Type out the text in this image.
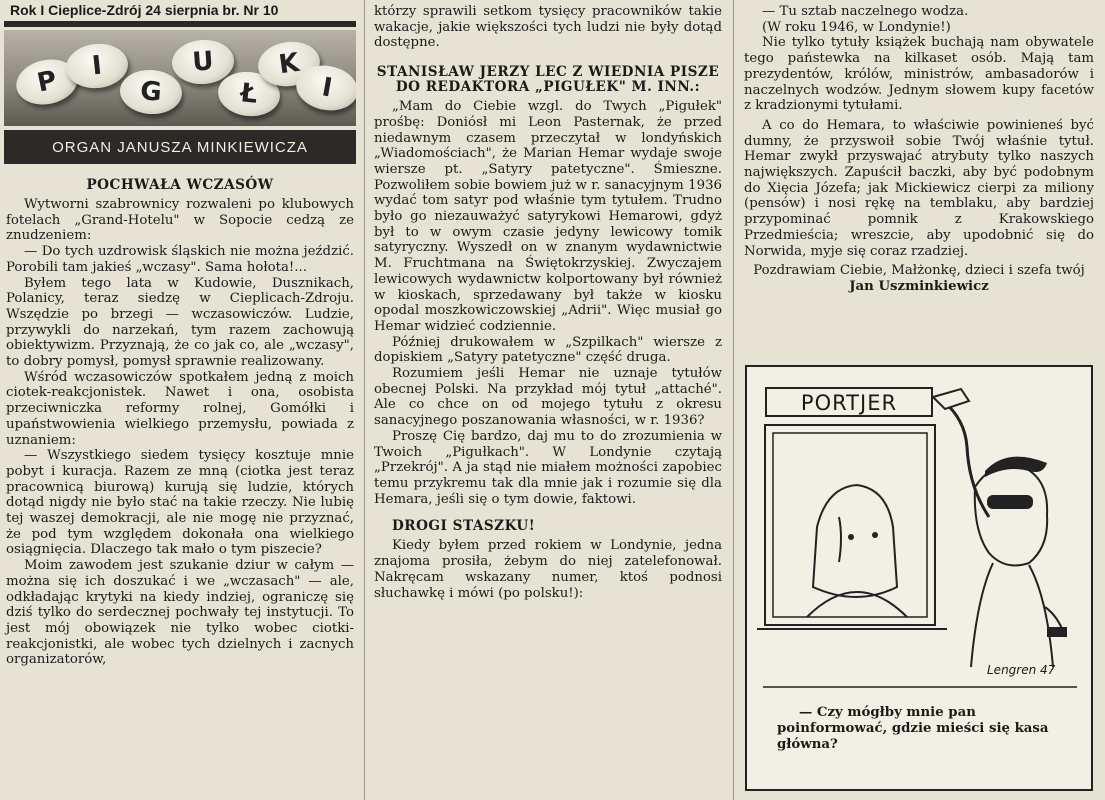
Rok I Cieplice-Zdrój 24 sierpnia br. Nr 10
P	I
G
U
Ł
K
I
ORGAN JANUSZA MINKIEWICZA
POCHWAŁA WCZASÓW

Wytworni szabrownicy rozwaleni po klubowych fotelach „Grand-Hotelu" w Sopocie cedzą ze znudzeniem:

— Do tych uzdrowisk śląskich nie można jeździć. Porobili tam jakieś „wczasy". Sama hołota!...

Byłem tego lata w Kudowie, Dusznikach, Polanicy, teraz siedzę w Cieplicach-Zdroju. Wszędzie po brzegi — wczasowiczów. Ludzie, przywykli do narzekań, tym razem zachowują obiektywizm. Przyznają, że co jak co, ale „wczasy", to dobry pomysł, pomysł sprawnie realizowany.

Wśród wczasowiczów spotkałem jedną z moich ciotek-reakcjonistek. Nawet i ona, osobista przeciwniczka reformy rolnej, Gomółki i upaństwowienia wielkiego przemysłu, powiada z uznaniem:

— Wszystkiego siedem tysięcy kosztuje mnie pobyt i kuracja. Razem ze mną (ciotka jest teraz pracownicą biurową) kurują się ludzie, których dotąd nigdy nie było stać na takie rzeczy. Nie lubię tej waszej demokracji, ale nie mogę nie przyznać, że pod tym względem dokonała ona wielkiego osiągnięcia. Dlaczego tak mało o tym piszecie?

Moim zawodem jest szukanie dziur w całym — można się ich doszukać i we „wczasach" — ale, odkładając krytyki na kiedy indziej, ograniczę się dziś tylko do serdecznej pochwały tej instytucji. To jest mój obowiązek nie tylko wobec ciotki-reakcjonistki, ale wobec tych dzielnych i zacnych organizatorów,

którzy sprawili setkom tysięcy pracowników takie wakacje, jakie większości tych ludzi nie były dotąd dostępne.

STANISŁAW JERZY LEC Z WIEDNIA PISZE DO REDAKTORA „PIGUŁEK" M. INN.:

„Mam do Ciebie wzgl. do Twych „Pigułek" prośbę: Doniósł mi Leon Pasternak, że przed niedawnym czasem przeczytał w londyńskich „Wiadomościach", że Marian Hemar wydaje swoje wiersze pt. „Satyry patetyczne". Śmieszne. Pozwoliłem sobie bowiem już w r. sanacyjnym 1936 wydać tom satyr pod właśnie tym tytułem. Trudno było go niezauważyć satyrykowi Hemarowi, gdyż był to w owym czasie jedyny lewicowy tomik satyryczny. Wyszedł on w znanym wydawnictwie M. Fruchtmana na Świętokrzyskiej. Zwyczajem lewicowych wydawnictw kolportowany był również w kioskach, sprzedawany był także w kiosku opodal moszkowiczowskiej „Adrii". Więc musiał go Hemar widzieć codziennie.

Później drukowałem w „Szpilkach" wiersze z dopiskiem „Satyry patetyczne" część druga.

Rozumiem jeśli Hemar nie uznaje tytułów obecnej Polski. Na przykład mój tytuł „attaché". Ale co chce on od mojego tytułu z okresu sanacyjnego poszanowania własności, w r. 1936?

Proszę Cię bardzo, daj mu to do zrozumienia w Twoich „Pigułkach". W Londynie czytają „Przekrój". A ja stąd nie miałem możności zapobiec temu przykremu tak dla mnie jak i rozumie się dla Hemara, jeśli się o tym dowie, faktowi.

DROGI STASZKU!

Kiedy byłem przed rokiem w Londynie, jedna znajoma prosiła, żebym do niej zatelefonował. Nakręcam wskazany numer, ktoś podnosi słuchawkę i mówi (po polsku!):

— Tu sztab naczelnego wodza.

(W roku 1946, w Londynie!)

Nie tylko tytuły książek buchają nam obywatele tego państewka na kilkaset osób. Mają tam prezydentów, królów, ministrów, ambasadorów i naczelnych wodzów. Jednym słowem kupy facetów z kradzionymi tytułami.

A co do Hemara, to właściwie powinieneś być dumny, że przyswoił sobie Twój właśnie tytuł. Hemar zwykł przyswajać atrybuty tylko naszych największych. Zapuścił baczki, aby być podobnym do Xięcia Józefa; jak Mickiewicz cierpi za miliony (pensów) i nosi rękę na temblaku, aby bardziej przypominać pomnik z Krakowskiego Przedmieścia; wreszcie, aby upodobnić się do Norwida, myje się coraz rzadziej.

Pozdrawiam Ciebie, Małżonkę, dzieci i szefa twój Jan Uszminkiewicz

PORTJER
Lengren 47
— Czy mógłby mnie pan poinformować, gdzie mieści się kasa główna?
